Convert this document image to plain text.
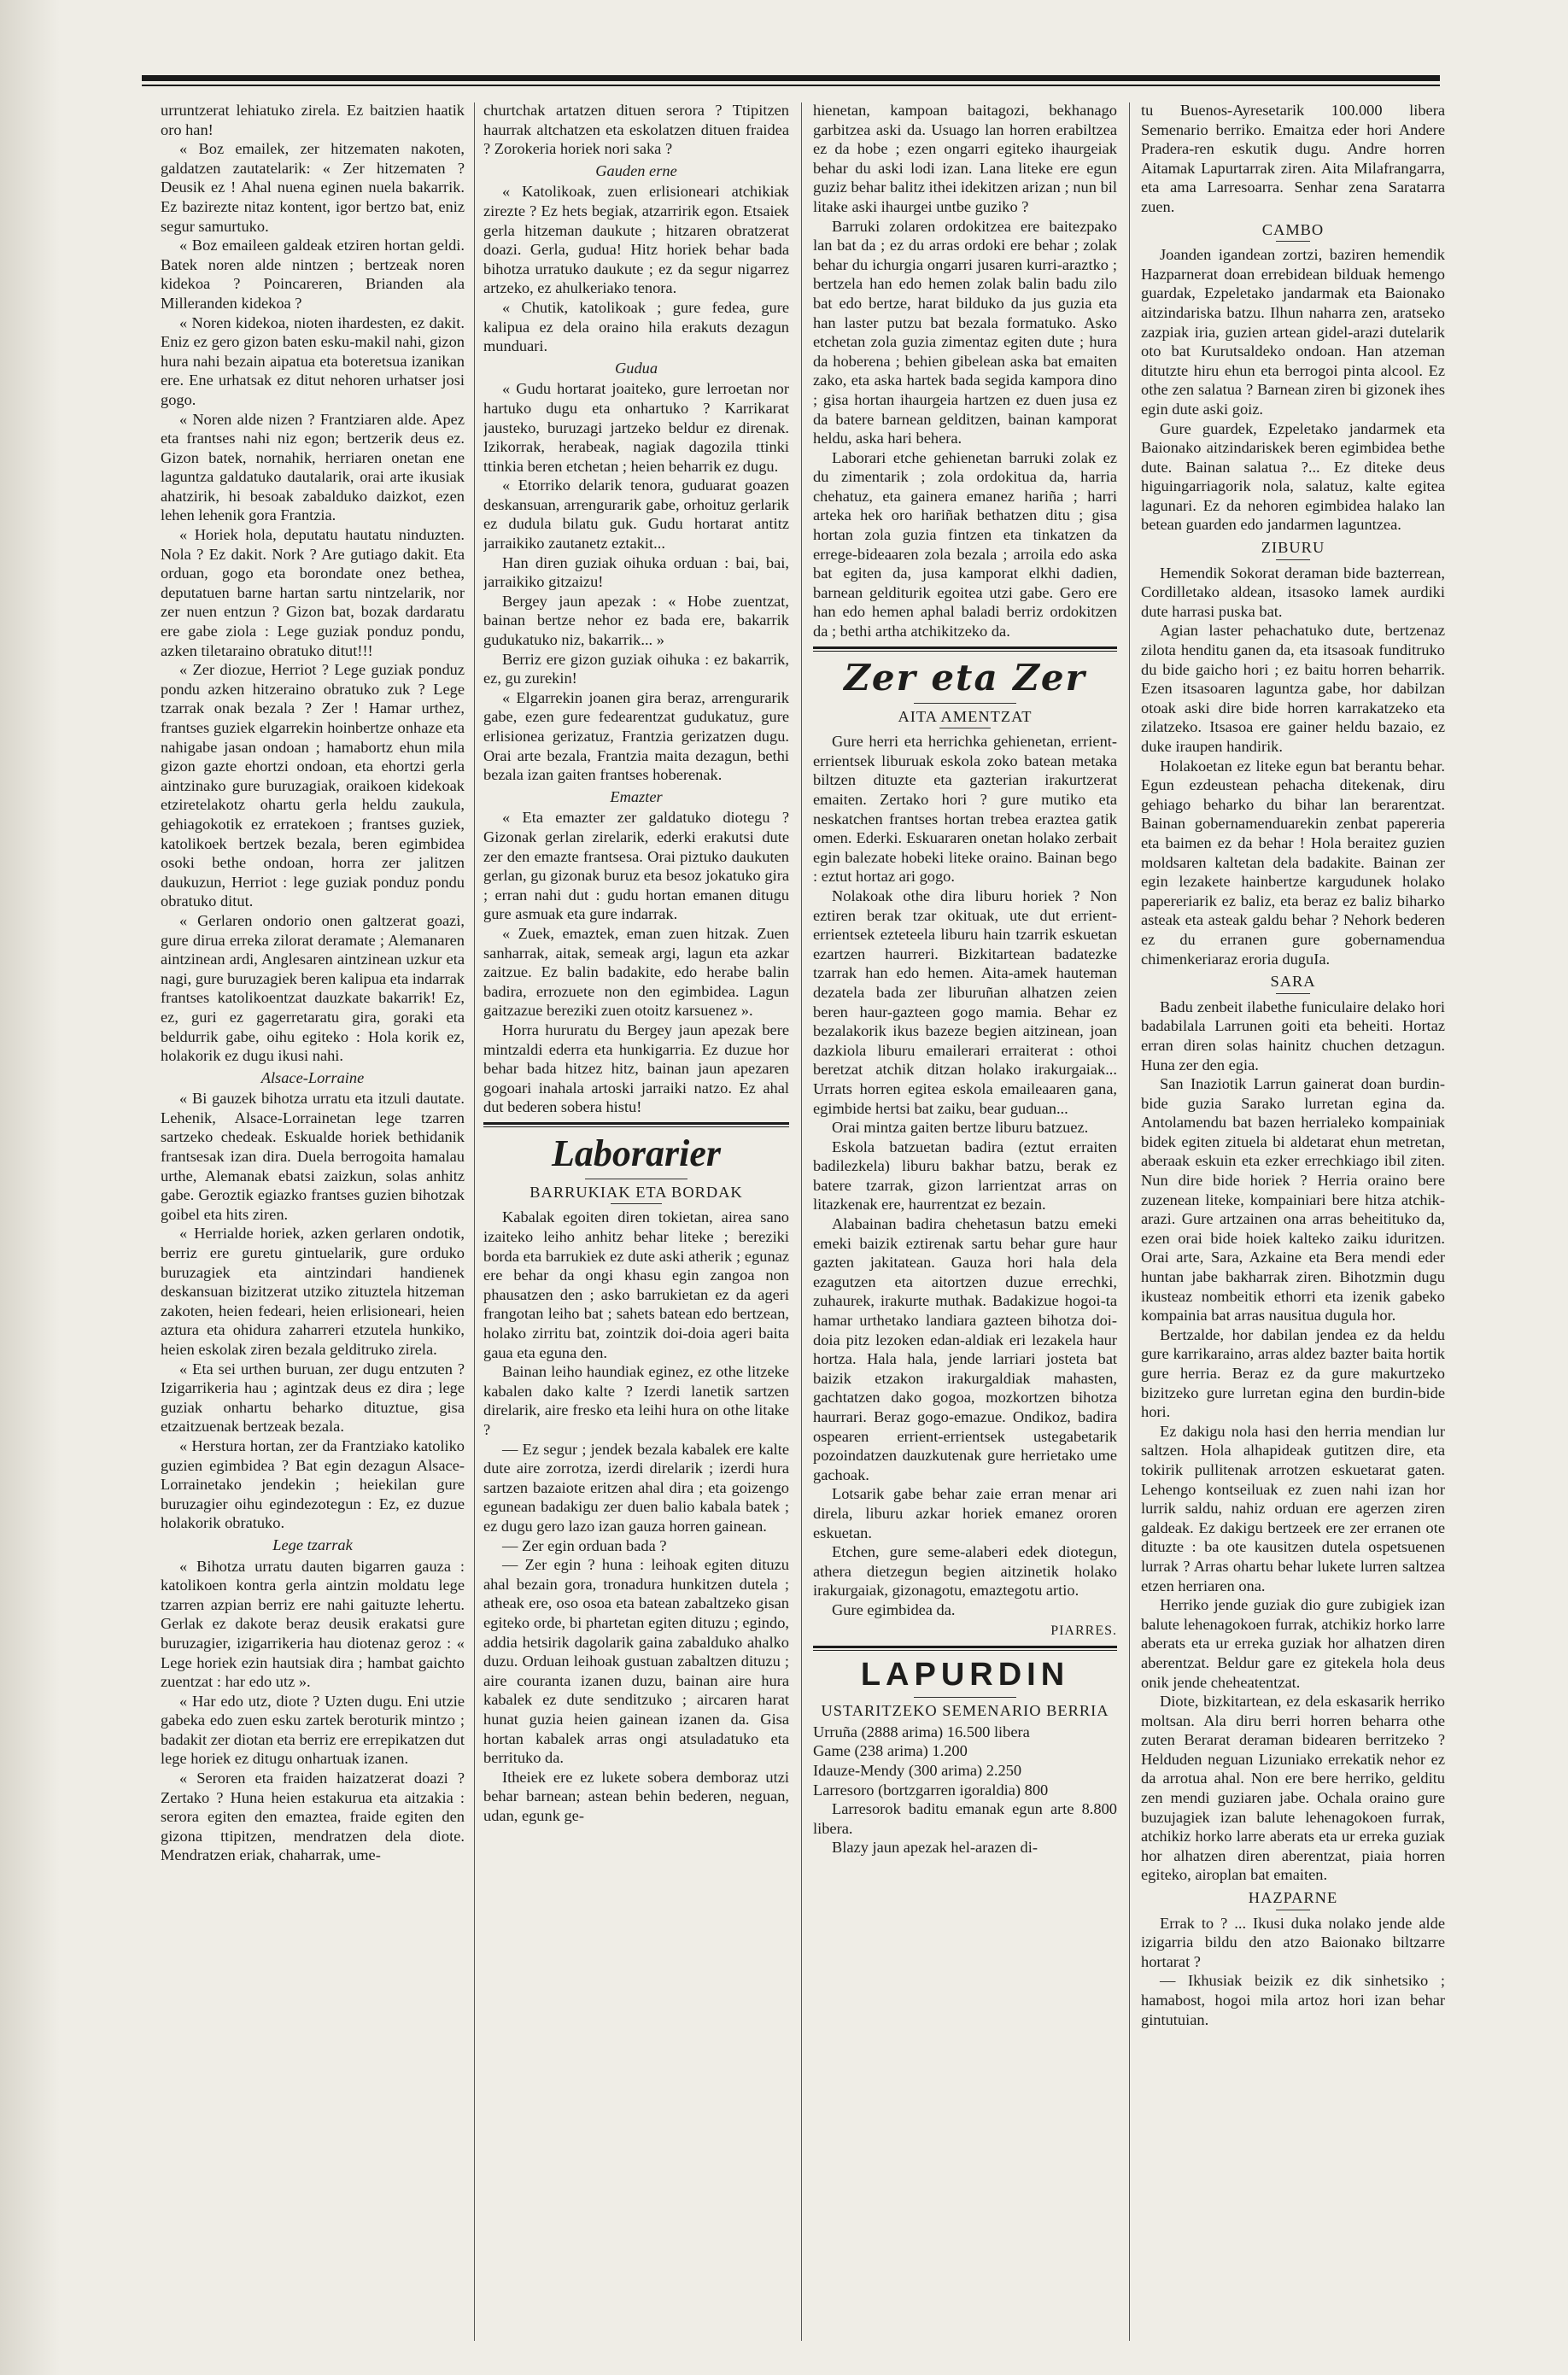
urruntzerat lehiatuko zirela. Ez baitzien haatik oro han!

« Boz emailek, zer hitzematen nakoten, galdatzen zautatelarik: « Zer hitzematen ? Deusik ez ! Ahal nuena eginen nuela bakarrik. Ez bazirezte nitaz kontent, igor bertzo bat, eniz segur samurtuko.

« Boz emaileen galdeak etziren hortan geldi. Batek noren alde nintzen ; bertzeak noren kidekoa ? Poincareren, Brianden ala Milleranden kidekoa ?

« Noren kidekoa, nioten ihardesten, ez dakit. Eniz ez gero gizon baten esku-makil nahi, gizon hura nahi bezain aipatua eta boteretsua izanikan ere. Ene urhatsak ez ditut nehoren urhatser josi gogo.

« Noren alde nizen ? Frantziaren alde. Apez eta frantses nahi niz egon; bertzerik deus ez. Gizon batek, nornahik, herriaren onetan ene laguntza galdatuko dautalarik, orai arte ikusiak ahatzirik, hi besoak zabalduko daizkot, ezen lehen lehenik gora Frantzia.

« Horiek hola, deputatu hautatu ninduzten. Nola ? Ez dakit. Nork ? Are gutiago dakit. Eta orduan, gogo eta borondate onez bethea, deputatuen barne hartan sartu nintzelarik, nor zer nuen entzun ? Gizon bat, bozak dardaratu ere gabe ziola : Lege guziak ponduz pondu, azken tiletaraino obratuko ditut!!!

« Zer diozue, Herriot ? Lege guziak ponduz pondu azken hitzeraino obratuko zuk ? Lege tzarrak onak bezala ? Zer ! Hamar urthez, frantses guziek elgarrekin hoinbertze onhaze eta nahigabe jasan ondoan ; hamabortz ehun mila gizon gazte ehortzi ondoan, eta ehortzi gerla aintzinako gure buruzagiak, oraikoen kidekoak etziretelakotz ohartu gerla heldu zaukula, gehiagokotik ez erratekoen ; frantses guziek, katolikoek bertzek bezala, beren egimbidea osoki bethe ondoan, horra zer jalitzen daukuzun, Herriot : lege guziak ponduz pondu obratuko ditut.

« Gerlaren ondorio onen galtzerat goazi, gure dirua erreka zilorat deramate ; Alemanaren aintzinean ardi, Anglesaren aintzinean uzkur eta nagi, gure buruzagiek beren kalipua eta indarrak frantses katolikoentzat dauzkate bakarrik! Ez, ez, guri ez gagerretaratu gira, goraki eta beldurrik gabe, oihu egiteko : Hola korik ez, holakorik ez dugu ikusi nahi.

Alsace-Lorraine

« Bi gauzek bihotza urratu eta itzuli dautate. Lehenik, Alsace-Lorrainetan lege tzarren sartzeko chedeak. Eskualde horiek bethidanik frantsesak izan dira. Duela berrogoita hamalau urthe, Alemanak ebatsi zaizkun, solas anhitz gabe. Geroztik egiazko frantses guzien bihotzak goibel eta hits ziren.

« Herrialde horiek, azken gerlaren ondotik, berriz ere guretu gintuelarik, gure orduko buruzagiek eta aintzindari handienek deskansuan bizitzerat utziko zituztela hitzeman zakoten, heien fedeari, heien erlisioneari, heien aztura eta ohidura zaharreri etzutela hunkiko, heien eskolak ziren bezala gelditruko zirela.

« Eta sei urthen buruan, zer dugu entzuten ? Izigarrikeria hau ; agintzak deus ez dira ; lege guziak onhartu beharko dituztue, gisa etzaitzuenak bertzeak bezala.

« Herstura hortan, zer da Frantziako katoliko guzien egimbidea ? Bat egin dezagun Alsace-Lorrainetako jendekin ; heiekilan gure buruzagier oihu egindezotegun : Ez, ez duzue holakorik obratuko.

Lege tzarrak

« Bihotza urratu dauten bigarren gauza : katolikoen kontra gerla aintzin moldatu lege tzarren azpian berriz ere nahi gaituzte lehertu. Gerlak ez dakote beraz deusik erakatsi gure buruzagier, izigarrikeria hau diotenaz geroz : « Lege horiek ezin hautsiak dira ; hambat gaichto zuentzat : har edo utz ».

« Har edo utz, diote ? Uzten dugu. Eni utzie gabeka edo zuen esku zartek beroturik mintzo ; badakit zer diotan eta berriz ere errepikatzen dut lege horiek ez ditugu onhartuak izanen.

« Seroren eta fraiden haizatzerat doazi ? Zertako ? Huna heien estakurua eta aitzakia : serora egiten den emaztea, fraide egiten den gizona ttipitzen, mendratzen dela diote. Mendratzen eriak, chaharrak, ume-

churtchak artatzen dituen serora ? Ttipitzen haurrak altchatzen eta eskolatzen dituen fraidea ? Zorokeria horiek nori saka ?

Gauden erne

« Katolikoak, zuen erlisioneari atchikiak zirezte ? Ez hets begiak, atzarririk egon. Etsaiek gerla hitzeman daukute ; hitzaren obratzerat doazi. Gerla, gudua! Hitz horiek behar bada bihotza urratuko daukute ; ez da segur nigarrez artzeko, ez ahulkeriako tenora.

« Chutik, katolikoak ; gure fedea, gure kalipua ez dela oraino hila erakuts dezagun munduari.

Gudua

« Gudu hortarat joaiteko, gure lerroetan nor hartuko dugu eta onhartuko ? Karrikarat jausteko, buruzagi jartzeko beldur ez direnak. Izikorrak, herabeak, nagiak dagozila ttinki ttinkia beren etchetan ; heien beharrik ez dugu.

« Etorriko delarik tenora, guduarat goazen deskansuan, arrengurarik gabe, orhoituz gerlarik ez dudula bilatu guk. Gudu hortarat antitz jarraikiko zautanetz eztakit...

Han diren guziak oihuka orduan : bai, bai, jarraikiko gitzaizu!

Bergey jaun apezak : « Hobe zuentzat, bainan bertze nehor ez bada ere, bakarrik gudukatuko niz, bakarrik... »

Berriz ere gizon guziak oihuka : ez bakarrik, ez, gu zurekin!

« Elgarrekin joanen gira beraz, arrengurarik gabe, ezen gure fedearentzat gudukatuz, gure erlisionea gerizatuz, Frantzia gerizatzen dugu. Orai arte bezala, Frantzia maita dezagun, bethi bezala izan gaiten frantses hoberenak.

Emazter

« Eta emazter zer galdatuko diotegu ? Gizonak gerlan zirelarik, ederki erakutsi dute zer den emazte frantsesa. Orai piztuko daukuten gerlan, gu gizonak buruz eta besoz jokatuko gira ; erran nahi dut : gudu hortan emanen ditugu gure asmuak eta gure indarrak.

« Zuek, emaztek, eman zuen hitzak. Zuen sanharrak, aitak, semeak argi, lagun eta azkar zaitzue. Ez balin badakite, edo herabe balin badira, errozuete non den egimbidea. Lagun gaitzazue bereziki zuen otoitz karsuenez ».

Horra hururatu du Bergey jaun apezak bere mintzaldi ederra eta hunkigarria. Ez duzue hor behar bada hitzez hitz, bainan jaun apezaren gogoari inahala artoski jarraiki natzo. Ez ahal dut bederen sobera histu!

Laborarier
BARRUKIAK ETA BORDAK

Kabalak egoiten diren tokietan, airea sano izaiteko leiho anhitz behar liteke ; bereziki borda eta barrukiek ez dute aski atherik ; egunaz ere behar da ongi khasu egin zangoa non phausatzen den ; asko barrukietan ez da ageri frangotan leiho bat ; sahets batean edo bertzean, holako zirritu bat, zointzik doi-doia ageri baita gaua eta eguna den.

Bainan leiho haundiak eginez, ez othe litzeke kabalen dako kalte ? Izerdi lanetik sartzen direlarik, aire fresko eta leihi hura on othe litake ?

— Ez segur ; jendek bezala kabalek ere kalte dute aire zorrotza, izerdi direlarik ; izerdi hura sartzen bazaiote eritzen ahal dira ; eta goizengo egunean badakigu zer duen balio kabala batek ; ez dugu gero lazo izan gauza horren gainean.

— Zer egin orduan bada ?

— Zer egin ? huna : leihoak egiten dituzu ahal bezain gora, tronadura hunkitzen dutela ; atheak ere, oso osoa eta batean zabaltzeko gisan egiteko orde, bi phartetan egiten dituzu ; egindo, addia hetsirik dagolarik gaina zabalduko ahalko duzu. Orduan leihoak gustuan zabaltzen dituzu ; aire couranta izanen duzu, bainan aire hura kabalek ez dute senditzuko ; aircaren harat hunat guzia heien gainean izanen da. Gisa hortan kabalek arras ongi atsuladatuko eta berrituko da.

Itheiek ere ez lukete sobera demboraz utzi behar barnean; astean behin bederen, neguan, udan, egunk ge-

hienetan, kampoan baitagozi, bekhanago garbitzea aski da. Usuago lan horren erabiltzea ez da hobe ; ezen ongarri egiteko ihaurgeiak behar du aski lodi izan. Lana liteke ere egun guziz behar balitz ithei idekitzen arizan ; nun bil litake aski ihaurgei untbe guziko ?

Barruki zolaren ordokitzea ere baitezpako lan bat da ; ez du arras ordoki ere behar ; zolak behar du ichurgia ongarri jusaren kurri-araztko ; bertzela han edo hemen zolak balin badu zilo bat edo bertze, harat bilduko da jus guzia eta han laster putzu bat bezala formatuko. Asko etchetan zola guzia zimentaz egiten dute ; hura da hoberena ; behien gibelean aska bat emaiten zako, eta aska hartek bada segida kampora dino ; gisa hortan ihaurgeia hartzen ez duen jusa ez da batere barnean gelditzen, bainan kamporat heldu, aska hari behera.

Laborari etche gehienetan barruki zolak ez du zimentarik ; zola ordokitua da, harria chehatuz, eta gainera emanez hariña ; harri arteka hek oro hariñak bethatzen ditu ; gisa hortan zola guzia fintzen eta tinkatzen da errege-bideaaren zola bezala ; arroila edo aska bat egiten da, jusa kamporat elkhi dadien, barnean gelditurik egoitea utzi gabe. Gero ere han edo hemen aphal baladi berriz ordokitzen da ; bethi artha atchikitzeko da.

Zer eta Zer
AITA AMENTZAT

Gure herri eta herrichka gehienetan, errient-errientsek liburuak eskola zoko batean metaka biltzen dituzte eta gazterian irakurtzerat emaiten. Zertako hori ? gure mutiko eta neskatchen frantses hortan trebea eraztea gatik omen. Ederki. Eskuararen onetan holako zerbait egin balezate hobeki liteke oraino. Bainan bego : eztut hortaz ari gogo.

Nolakoak othe dira liburu horiek ? Non eztiren berak tzar okituak, ute dut errient-errientsek ezteteela liburu hain tzarrik eskuetan ezartzen haurreri. Bizkitartean badatezke tzarrak han edo hemen. Aita-amek hauteman dezatela bada zer liburuñan alhatzen zeien beren haur-gazteen gogo mamia. Behar ez bezalakorik ikus bazeze begien aitzinean, joan dazkiola liburu emailerari erraiterat : othoi beretzat atchik ditzan holako irakurgaiak... Urrats horren egitea eskola emaileaaren gana, egimbide hertsi bat zaiku, bear guduan...

Orai mintza gaiten bertze liburu batzuez.

Eskola batzuetan badira (eztut erraiten badilezkela) liburu bakhar batzu, berak ez batere tzarrak, gizon larrientzat arras on litazkenak ere, haurrentzat ez bezain.

Alabainan badira chehetasun batzu emeki emeki baizik eztirenak sartu behar gure haur gazten jakitatean. Gauza hori hala dela ezagutzen eta aitortzen duzue errechki, zuhaurek, irakurte muthak. Badakizue hogoi-ta hamar urthetako landiara gazteen bihotza doi-doia pitz lezoken edan-aldiak eri lezakela haur hortza. Hala hala, jende larriari josteta bat baizik etzakon irakurgaldiak mahasten, gachtatzen dako gogoa, mozkortzen bihotza haurrari. Beraz gogo-emazue. Ondikoz, badira ospearen errient-errientsek ustegabetarik pozoindatzen dauzkutenak gure herrietako ume gachoak.

Lotsarik gabe behar zaie erran menar ari direla, liburu azkar horiek emanez ororen eskuetan.

Etchen, gure seme-alaberi edek diotegun, athera dietzegun begien aitzinetik holako irakurgaiak, gizonagotu, emaztegotu artio.

Gure egimbidea da.

PIARRES.
LAPURDIN
USTARITZEKO SEMENARIO BERRIA

Urruña (2888 arima) 16.500 libera

Game (238 arima) 1.200

Idauze-Mendy (300 arima) 2.250

Larresoro (bortzgarren igoraldia) 800

Larresorok baditu emanak egun arte 8.800 libera.

Blazy jaun apezak hel-arazen di-

tu Buenos-Ayresetarik 100.000 libera Semenario berriko. Emaitza eder hori Andere Pradera-ren eskutik dugu. Andre horren Aitamak Lapurtarrak ziren. Aita Milafrangarra, eta ama Larresoarra. Senhar zena Saratarra zuen.

CAMBO

Joanden igandean zortzi, baziren hemendik Hazparnerat doan errebidean bilduak hemengo guardak, Ezpeletako jandarmak eta Baionako aitzindariska batzu. Ilhun naharra zen, aratseko zazpiak iria, guzien artean gidel-arazi dutelarik oto bat Kurutsaldeko ondoan. Han atzeman ditutzte hiru ehun eta berrogoi pinta alcool. Ez othe zen salatua ? Barnean ziren bi gizonek ihes egin dute aski goiz.

Gure guardek, Ezpeletako jandarmek eta Baionako aitzindariskek beren egimbidea bethe dute. Bainan salatua ?... Ez diteke deus higuingarriagorik nola, salatuz, kalte egitea lagunari. Ez da nehoren egimbidea halako lan betean guarden edo jandarmen laguntzea.

ZIBURU

Hemendik Sokorat deraman bide bazterrean, Cordilletako aldean, itsasoko lamek aurdiki dute harrasi puska bat.

Agian laster pehachatuko dute, bertzenaz zilota henditu ganen da, eta itsasoak funditruko du bide gaicho hori ; ez baitu horren beharrik. Ezen itsasoaren laguntza gabe, hor dabilzan otoak aski dire bide horren karrakatzeko eta zilatzeko. Itsasoa ere gainer heldu bazaio, ez duke iraupen handirik.

Holakoetan ez liteke egun bat berantu behar. Egun ezdeustean pehacha ditekenak, diru gehiago beharko du bihar lan berarentzat. Bainan gobernamenduarekin zenbat papereria eta baimen ez da behar ! Hola beraitez guzien moldsaren kaltetan dela badakite. Bainan zer egin lezakete hainbertze kargudunek holako papereriarik ez baliz, eta beraz ez baliz biharko asteak eta asteak galdu behar ? Nehork bederen ez du erranen gure gobernamendua chimenkeriaraz eroria duguIa.

SARA

Badu zenbeit ilabethe funiculaire delako hori badabilala Larrunen goiti eta beheiti. Hortaz erran diren solas hainitz chuchen detzagun. Huna zer den egia.

San Inaziotik Larrun gainerat doan burdin-bide guzia Sarako lurretan egina da. Antolamendu bat bazen herrialeko kompainiak bidek egiten zituela bi aldetarat ehun metretan, aberaak eskuin eta ezker errechkiago ibil ziten. Nun dire bide horiek ? Herria oraino bere zuzenean liteke, kompainiari bere hitza atchik-arazi. Gure artzainen ona arras beheitituko da, ezen orai bide hoiek kalteko zaiku iduritzen. Orai arte, Sara, Azkaine eta Bera mendi eder huntan jabe bakharrak ziren. Bihotzmin dugu ikusteaz nombeitik ethorri eta izenik gabeko kompainia bat arras nausitua dugula hor.

Bertzalde, hor dabilan jendea ez da heldu gure karrikaraino, arras aldez bazter baita hortik gure herria. Beraz ez da gure makurtzeko bizitzeko gure lurretan egina den burdin-bide hori.

Ez dakigu nola hasi den herria mendian lur saltzen. Hola alhapideak gutitzen dire, eta tokirik pullitenak arrotzen eskuetarat gaten. Lehengo kontseiluak ez zuen nahi izan hor lurrik saldu, nahiz orduan ere agerzen ziren galdeak. Ez dakigu bertzeek ere zer erranen ote dituzte : ba ote kausitzen dutela ospetsuenen lurrak ? Arras ohartu behar lukete lurren saltzea etzen herriaren ona.

Herriko jende guziak dio gure zubigiek izan balute lehenagokoen furrak, atchikiz horko larre aberats eta ur erreka guziak hor alhatzen diren aberentzat. Beldur gare ez gitekela hola deus onik jende cheheatentzat.

Diote, bizkitartean, ez dela eskasarik herriko moltsan. Ala diru berri horren beharra othe zuten Berarat deraman bidearen berritzeko ? Helduden neguan Lizuniako errekatik nehor ez da arrotua ahal. Non ere bere herriko, gelditu zen mendi guziaren jabe. Ochala oraino gure buzujagiek izan balute lehenagokoen furrak, atchikiz horko larre aberats eta ur erreka guziak hor alhatzen diren aberentzat, piaia horren egiteko, airoplan bat emaiten.

HAZPARNE

Errak to ? ... Ikusi duka nolako jende alde izigarria bildu den atzo Baionako biltzarre hortarat ?

— Ikhusiak beizik ez dik sinhetsiko ; hamabost, hogoi mila artoz hori izan behar gintutuian.
